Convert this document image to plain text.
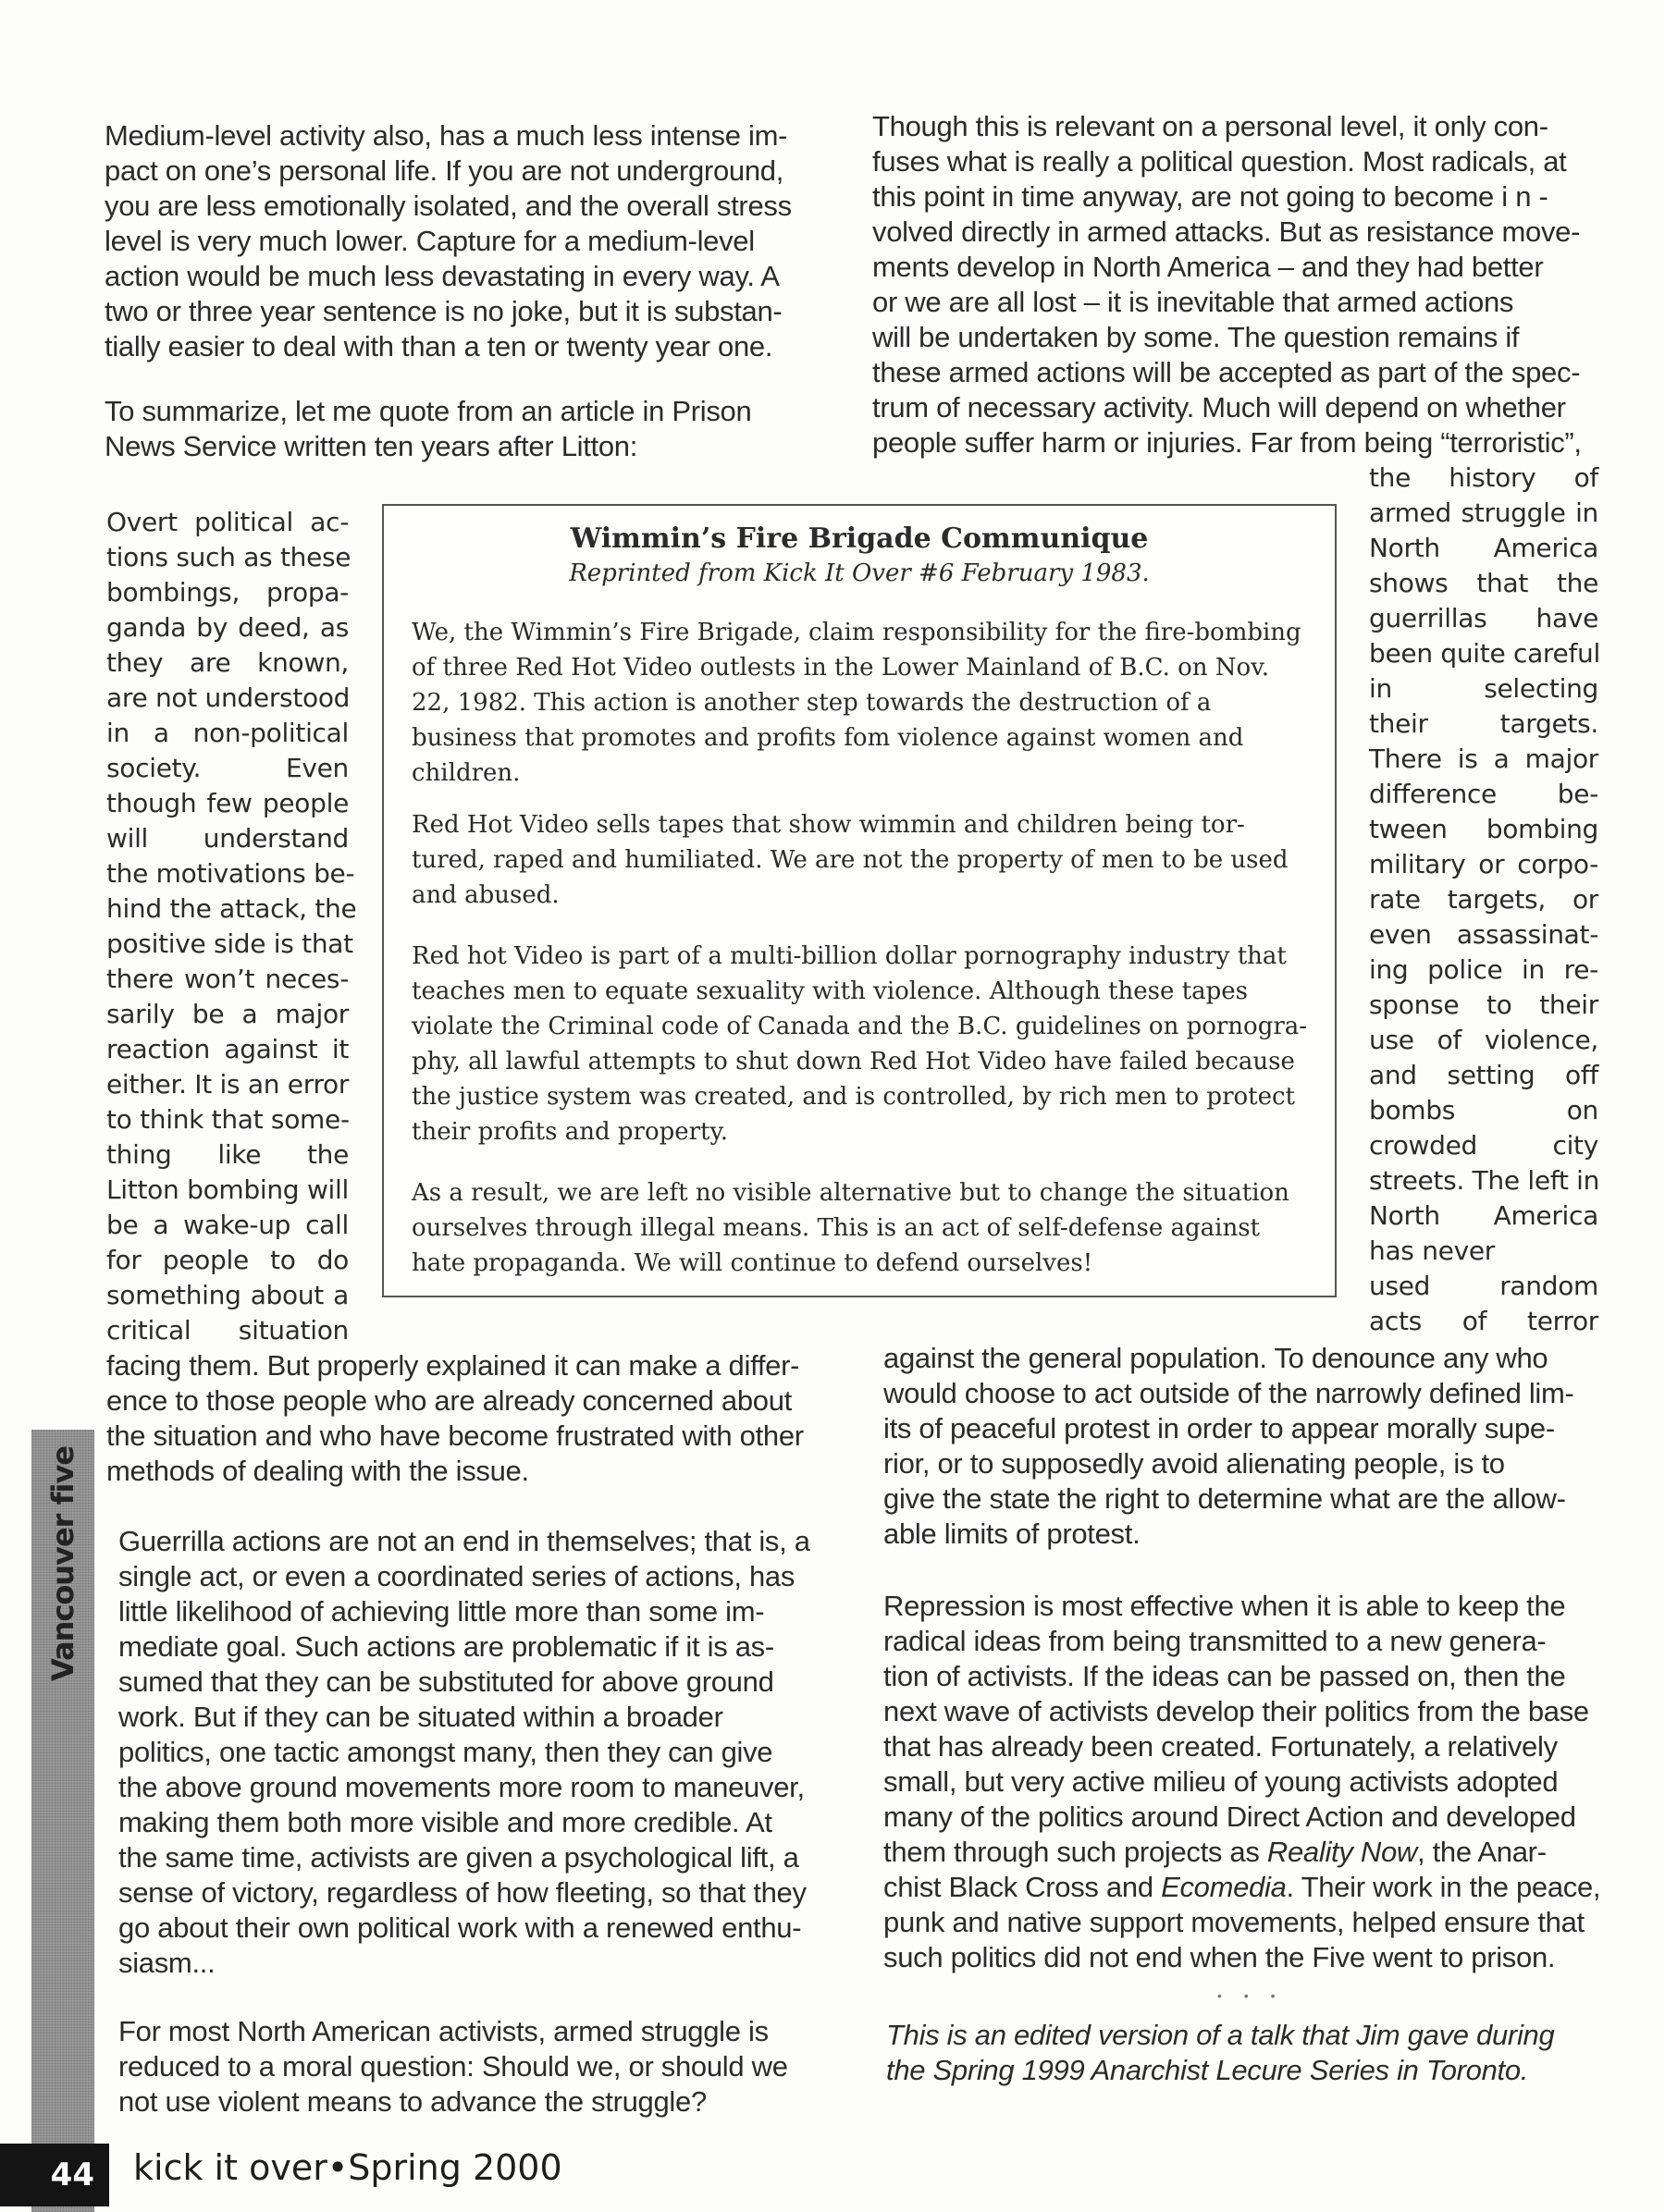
Vancouver five
Medium-level activity also, has a much less intense im-
pact on one’s personal life. If you are not underground,
you are less emotionally isolated, and the overall stress
level is very much lower. Capture for a medium-level
action would be much less devastating in every way. A
two or three year sentence is no joke, but it is substan-
tially easier to deal with than a ten or twenty year one.
To summarize, let me quote from an article in Prison
News Service written ten years after Litton:
Overt political ac-
tions such as these
bombings, propa-
ganda by deed, as
they are known,
are not understood
in a non-political
society. Even
though few people
will understand
the motivations be-
hind the attack, the
positive side is that
there won’t neces-
sarily be a major
reaction against it
either. It is an error
to think that some-
thing like the
Litton bombing will
be a wake-up call
for people to do
something about a
critical situation
facing them. But properly explained it can make a differ-
ence to those people who are already concerned about
the situation and who have become frustrated with other
methods of dealing with the issue.
Guerrilla actions are not an end in themselves; that is, a
single act, or even a coordinated series of actions, has
little likelihood of achieving little more than some im-
mediate goal. Such actions are problematic if it is as-
sumed that they can be substituted for above ground
work. But if they can be situated within a broader
politics, one tactic amongst many, then they can give
the above ground movements more room to maneuver,
making them both more visible and more credible. At
the same time, activists are given a psychological lift, a
sense of victory, regardless of how fleeting, so that they
go about their own political work with a renewed enthu-
siasm...
For most North American activists, armed struggle is
reduced to a moral question: Should we, or should we
not use violent means to advance the struggle?
Though this is relevant on a personal level, it only con-
fuses what is really a political question. Most radicals, at
this point in time anyway, are not going to become i n -
volved directly in armed attacks. But as resistance move-
ments develop in North America – and they had better
or we are all lost – it is inevitable that armed actions
will be undertaken by some. The question remains if
these armed actions will be accepted as part of the spec-
trum of necessary activity. Much will depend on whether
people suffer harm or injuries. Far from being “terroristic”,
the history of
armed struggle in
North America
shows that the
guerrillas have
been quite careful
in selecting
their targets.
There is a major
difference be-
tween bombing
military or corpo-
rate targets, or
even assassinat-
ing police in re-
sponse to their
use of violence,
and setting off
bombs on
crowded city
streets. The left in
North America
has never
used random
acts of terror
against the general population. To denounce any who
would choose to act outside of the narrowly defined lim-
its of peaceful protest in order to appear morally supe-
rior, or to supposedly avoid alienating people, is to
give the state the right to determine what are the allow-
able limits of protest.
Repression is most effective when it is able to keep the
radical ideas from being transmitted to a new genera-
tion of activists. If the ideas can be passed on, then the
next wave of activists develop their politics from the base
that has already been created. Fortunately, a relatively
small, but very active milieu of young activists adopted
many of the politics around Direct Action and developed
them through such projects as Reality Now, the Anar-
chist Black Cross and Ecomedia. Their work in the peace,
punk and native support movements, helped ensure that
such politics did not end when the Five went to prison.
• • •
This is an edited version of a talk that Jim gave during
the Spring 1999 Anarchist Lecure Series in Toronto.
Wimmin’s Fire Brigade Communique
Reprinted from Kick It Over #6 February 1983.
We, the Wimmin’s Fire Brigade, claim responsibility for the fire-bombing
of three Red Hot Video outlests in the Lower Mainland of B.C. on Nov.
22, 1982. This action is another step towards the destruction of a
business that promotes and profits fom violence against women and
children.
Red Hot Video sells tapes that show wimmin and children being tor-
tured, raped and humiliated. We are not the property of men to be used
and abused.
Red hot Video is part of a multi-billion dollar pornography industry that
teaches men to equate sexuality with violence. Although these tapes
violate the Criminal code of Canada and the B.C. guidelines on pornogra-
phy, all lawful attempts to shut down Red Hot Video have failed because
the justice system was created, and is controlled, by rich men to protect
their profits and property.
As a result, we are left no visible alternative but to change the situation
ourselves through illegal means. This is an act of self-defense against
hate propaganda. We will continue to defend ourselves!
44	kick it over•Spring 2000
